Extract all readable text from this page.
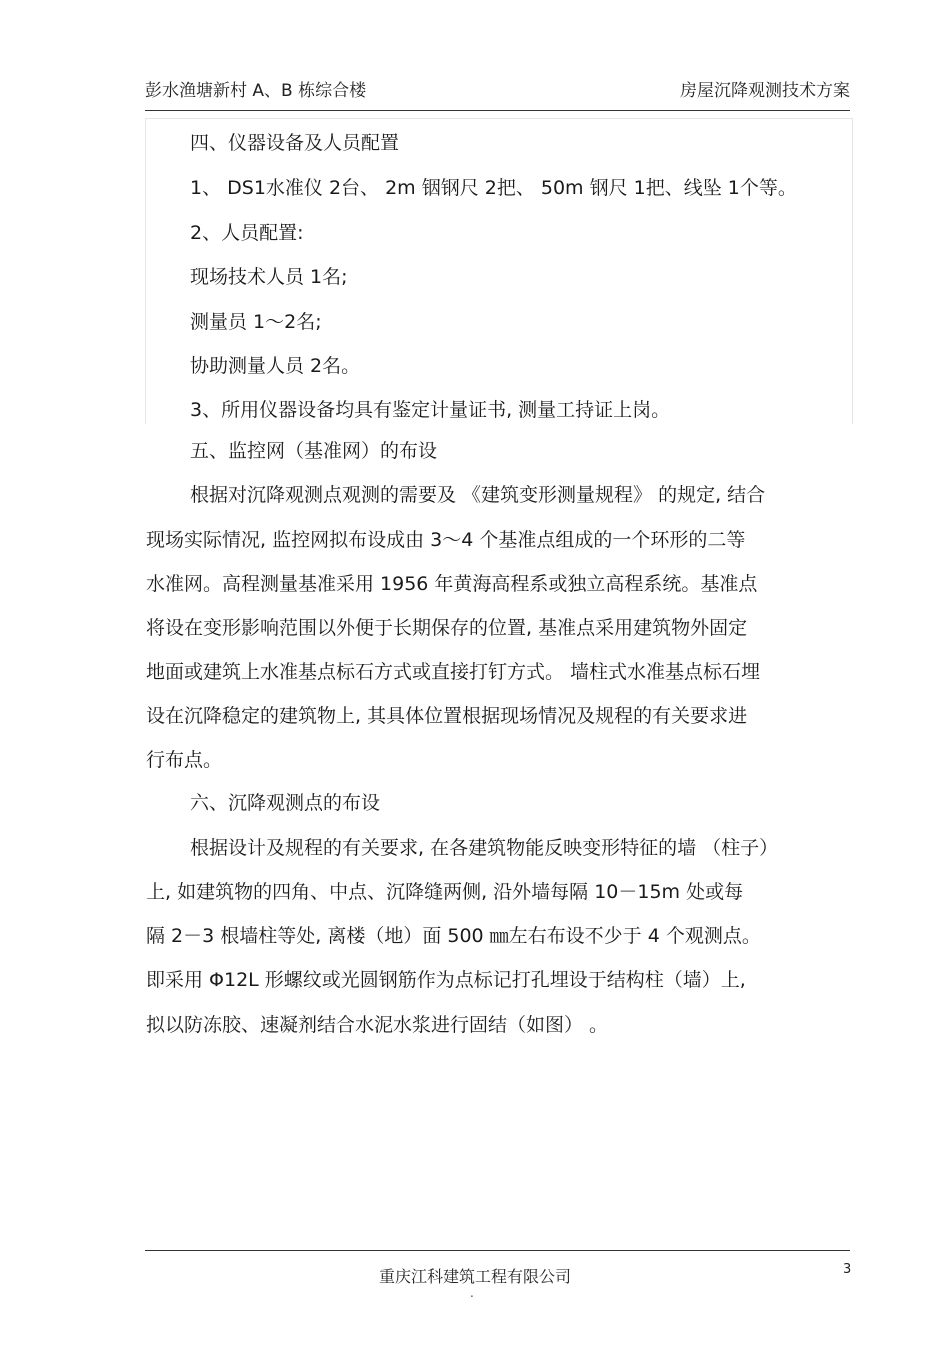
彭水渔塘新村 A、B 栋综合楼	房屋沉降观测技术方案
四、仪器设备及人员配置
1、 DS1水准仪 2台、 2m 铟钢尺 2把、 50m 钢尺 1把、线坠 1个等。
2、人员配置:
现场技术人员 1名;
测量员 1～2名;
协助测量人员 2名。
3、所用仪器设备均具有鉴定计量证书, 测量工持证上岗。
五、监控网（基准网）的布设
根据对沉降观测点观测的需要及 《建筑变形测量规程》 的规定, 结合
现场实际情况, 监控网拟布设成由 3～4 个基准点组成的一个环形的二等
水准网。高程测量基准采用 1956 年黄海高程系或独立高程系统。基准点
将设在变形影响范围以外便于长期保存的位置, 基准点采用建筑物外固定
地面或建筑上水准基点标石方式或直接打钉方式。 墙柱式水准基点标石埋
设在沉降稳定的建筑物上, 其具体位置根据现场情况及规程的有关要求进
行布点。
六、沉降观测点的布设
根据设计及规程的有关要求, 在各建筑物能反映变形特征的墙 （柱子）
上, 如建筑物的四角、中点、沉降缝两侧, 沿外墙每隔 10－15m 处或每
隔 2－3 根墙柱等处, 离楼（地）面 500 ㎜左右布设不少于 4 个观测点。
即采用 Φ12L 形螺纹或光圆钢筋作为点标记打孔埋设于结构柱（墙）上,
拟以防冻胶、速凝剂结合水泥水浆进行固结（如图） 。
重庆江科建筑工程有限公司	3
.
